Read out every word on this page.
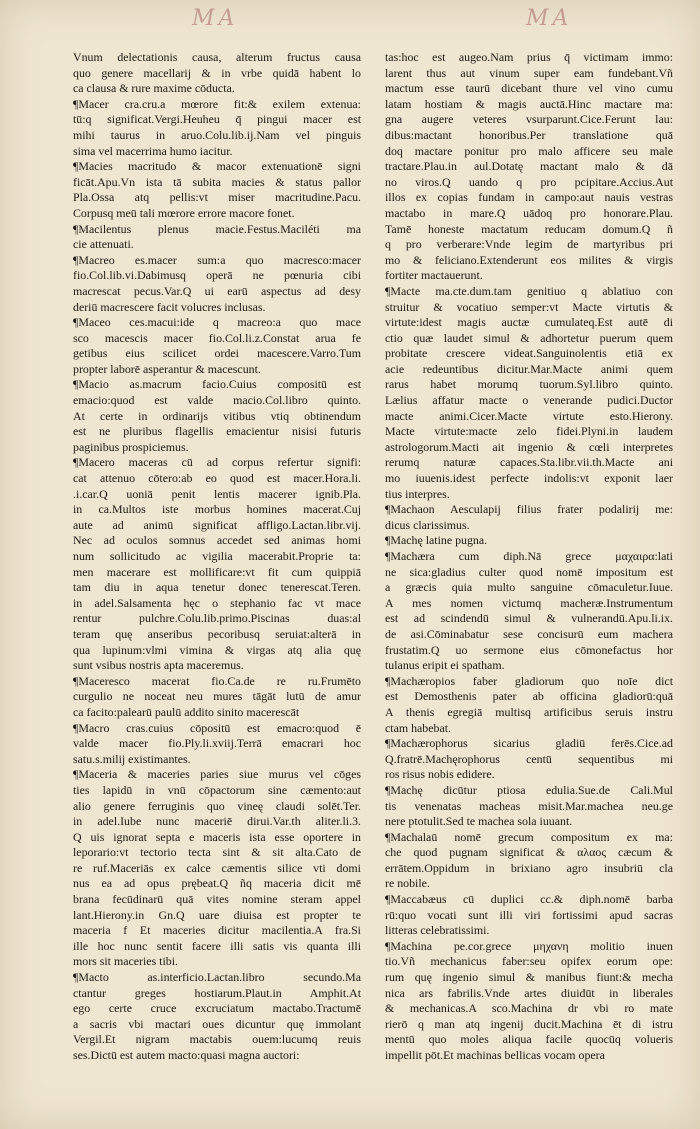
MA	MA
Vnum delectationis causa, alterum fructus causa
quo genere macellarij & in vrbe quidā habent lo
ca clausa & rure maxime cōducta.
¶Macer cra.cru.a mœrore fit:& exilem extenua:
tū:q significat.Vergi.Heuheu q̄ pingui macer est
mihi taurus in aruo.Colu.lib.ij.Nam vel pinguis
sima vel macerrima humo iacitur.
¶Macies macritudo & macor extenuationē signi
ficāt.Apu.Vn ista tā subita macies & status pallor
Pla.Ossa atq pellis:vt miser macritudine.Pacu.
Corpusq meū tali mœrore errore macore fonet.
¶Macilentus plenus macie.Festus.Maciléti ma
cie attenuati.
¶Macreo es.macer sum:a quo macresco:macer
fio.Col.lib.vi.Dabimusq operā ne pœnuria cibi
macrescat pecus.Var.Q ui earū aspectus ad desy
deriū macrescere facit volucres inclusas.
¶Maceo ces.macui:ide q macreo:a quo mace
sco macescis macer fio.Col.li.z.Constat arua fe
getibus eius scilicet ordei macescere.Varro.Tum
propter laborē asperantur & macescunt.
¶Macio as.macrum facio.Cuius compositū est
emacio:quod est valde macio.Col.libro quinto.
At certe in ordinarijs vitibus vtiq obtinendum
est ne pluribus flagellis emacientur nisisi futuris
paginibus prospiciemus.
¶Macero maceras cū ad corpus refertur signifi:
cat attenuo cōtero:ab eo quod est macer.Hora.li.
.i.car.Q uoniā penit lentis macerer ignib.Pla.
in ca.Multos iste morbus homines macerat.Cuj
aute ad animū significat affligo.Lactan.libr.vij.
Nec ad oculos somnus accedet sed animas homi
num sollicitudo ac vigilia macerabit.Proprie ta:
men macerare est mollificare:vt fit cum quippiā
tam diu in aqua tenetur donec tenerescat.Teren.
in adel.Salsamenta hęc o stephanio fac vt mace
rentur pulchre.Colu.lib.primo.Piscinas duas:al
teram quę anseribus pecoribusq seruiat:alterā in
qua lupinum:vlmi vimina & virgas atq alia quę
sunt vsibus nostris apta maceremus.
¶Maceresco macerat fio.Ca.de re ru.Frumēto
curgulio ne noceat neu mures tāgāt lutū de amur
ca facito:palearū paulū addito sinito macerescāt
¶Macro cras.cuius cōpositū est emacro:quod ē
valde macer fio.Ply.li.xviij.Terrā emacrari hoc
satu.s.milij existimantes.
¶Maceria & maceries paries siue murus vel cōges
ties lapidū in vnū cōpactorum sine cæmento:aut
alio genere ferruginis quo vineę claudi solēt.Ter.
in adel.Iube nunc maceriē dirui.Var.th aliter.li.3.
Q uis ignorat septa e maceris ista esse oportere in
leporario:vt tectorio tecta sint & sit alta.Cato de
re ruf.Maceriās ex calce cæmentis silice vti domi
nus ea ad opus prębeat.Q ñq maceria dicit mē
brana fecūdinarū quā vites nomine steram appel
lant.Hierony.in Gn.Q uare diuisa est propter te
maceria f Et maceries dicitur macilentia.A fra.Si
ille hoc nunc sentit facere illi satis vis quanta illi
mors sit maceries tibi.
¶Macto as.interficio.Lactan.libro secundo.Ma
ctantur greges hostiarum.Plaut.in Amphit.At
ego certe cruce excruciatum mactabo.Tractumē
a sacris vbi mactari oues dicuntur quę immolant
Vergil.Et nigram mactabis ouem:lucumq reuis
ses.Dictū est autem macto:quasi magna auctori:
tas:hoc est augeo.Nam prius q̄ victimam immo:
larent thus aut vinum super eam fundebant.Vñ
mactum esse taurū dicebant thure vel vino cumu
latam hostiam & magis auctā.Hinc mactare ma:
gna augere veteres vsurparunt.Cice.Ferunt lau:
dibus:mactant honoribus.Per translatione quā
doq mactare ponitur pro malo afficere seu male
tractare.Plau.in aul.Dotatę mactant malo & dā
no viros.Q uando q pro pcipitare.Accius.Aut
illos ex copias fundam in campo:aut nauis vestras
mactabo in mare.Q uādoq pro honorare.Plau.
Tamē honeste mactatum reducam domum.Q ñ
q pro verberare:Vnde legim de martyribus pri
mo & feliciano.Extenderunt eos milites & virgis
fortiter mactauerunt.
¶Macte ma.cte.dum.tam genitiuo q ablatiuo con
struitur & vocatiuo semper:vt Macte virtutis &
virtute:idest magis auctæ cumulateq.Est autē di
ctio quæ laudet simul & adhortetur puerum quem
probitate crescere videat.Sanguinolentis etiā ex
acie redeuntibus dicitur.Mar.Macte animi quem
rarus habet morumq tuorum.Syl.libro quinto.
Lælius affatur macte o venerande pudici.Ductor
macte animi.Cicer.Macte virtute esto.Hierony.
Macte virtute:macte zelo fidei.Plyni.in laudem
astrologorum.Macti ait ingenio & cœli interpretes
rerumq naturæ capaces.Sta.libr.vii.th.Macte ani
mo iuuenis.idest perfecte indolis:vt exponit laer
tius interpres.
¶Machaon Aesculapij filius frater podalirij me:
dicus clarissimus.
¶Machę latine pugna.
¶Machæra cum diph.Nā grece μαχαιρα:lati
ne sica:gladius culter quod nomē impositum est
a græcis quia multo sanguine cōmaculetur.Iuue.
A mes nomen victumq macheræ.Instrumentum
est ad scindendū simul & vulnerandū.Apu.li.ix.
de asi.Cōminabatur sese concisurū eum machera
frustatim.Q uo sermone eius cōmonefactus hor
tulanus eripit ei spatham.
¶Machæropios faber gladiorum quo noīe dict
est Demosthenis pater ab officina gladiorū:quā
A thenis egregiā multisq artificibus seruis instru
ctam habebat.
¶Machærophorus sicarius gladiū ferēs.Cice.ad
Q.fratrē.Machęrophorus centū sequentibus mi
ros risus nobis edidere.
¶Machę dicūtur ptiosa edulia.Sue.de Cali.Mul
tis venenatas macheas misit.Mar.machea neu.ge
nere ptotulit.Sed te machea sola iuuant.
¶Machalaū nomē grecum compositum ex ma:
che quod pugnam significat & αλαος cæcum &
errātem.Oppidum in brixiano agro insubriū cla
re nobile.
¶Maccabæus cū duplici cc.& diph.nomē barba
rū:quo vocati sunt illi viri fortissimi apud sacras
litteras celebratissimi.
¶Machina pe.cor.grece μηχανη molitio inuen
tio.Vñ mechanicus faber:seu opifex eorum ope:
rum quę ingenio simul & manibus fiunt:& mecha
nica ars fabrilis.Vnde artes diuidūt in liberales
& mechanicas.A sco.Machina dr vbi ro mate
rierō q man atq ingenij ducit.Machina ēt di istru
mentū quo moles aliqua facile quocūq volueris
impellit pōt.Et machinas bellicas vocam opera
